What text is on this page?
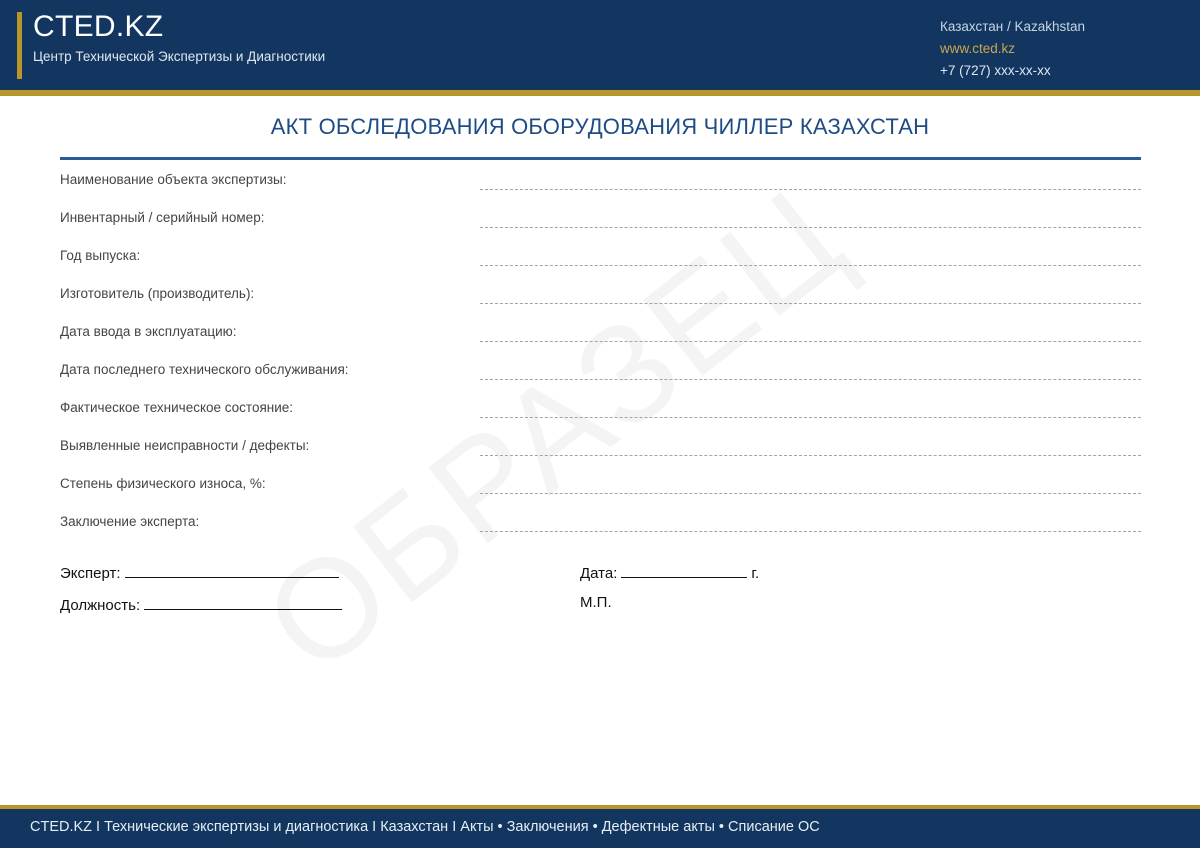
CTED.KZ
Центр Технической Экспертизы и Диагностики
Казахстан / Kazakhstan
www.cted.kz
+7 (727) xxx-xx-xx
АКТ ОБСЛЕДОВАНИЯ ОБОРУДОВАНИЯ ЧИЛЛЕР КАЗАХСТАН
Наименование объекта экспертизы:
Инвентарный / серийный номер:
Год выпуска:
Изготовитель (производитель):
Дата ввода в эксплуатацию:
Дата последнего технического обслуживания:
Фактическое техническое состояние:
Выявленные неисправности / дефекты:
Степень физического износа, %:
Заключение эксперта:
Эксперт:
Должность:
Дата:	г.
М.П.
CTED.KZ I Технические экспертизы и диагностика I Казахстан I Акты • Заключения • Дефектные акты • Списание ОС
